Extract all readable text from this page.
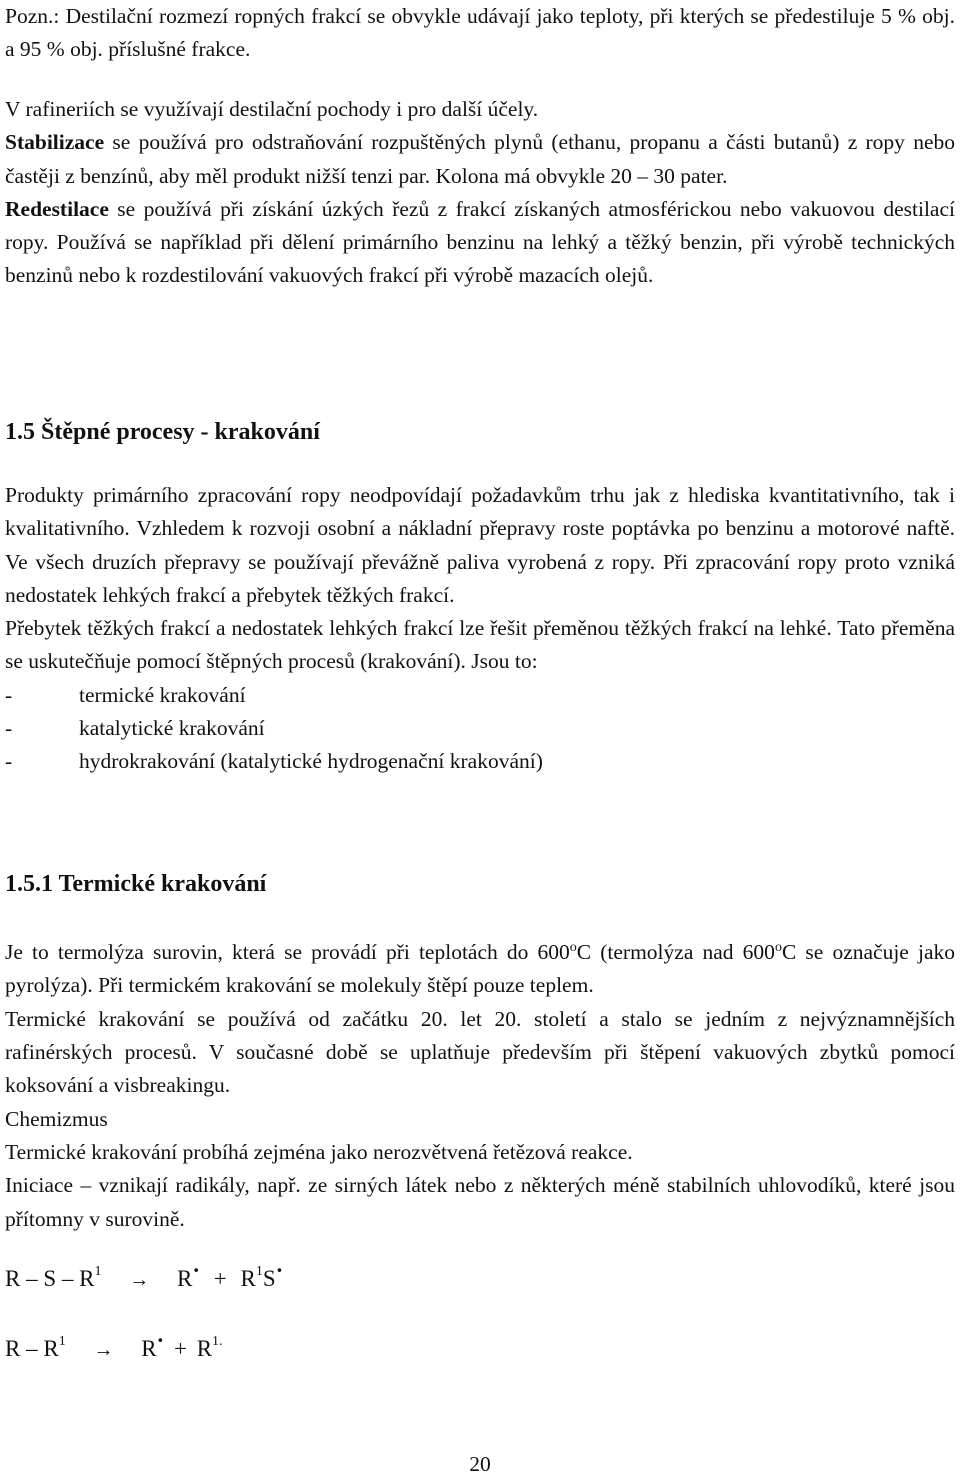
Pozn.: Destilační rozmezí ropných frakcí se obvykle udávají jako teploty, při kterých se předestiluje 5 % obj. a 95 % obj. příslušné frakce.

V rafineriích se využívají destilační pochody i pro další účely.

Stabilizace se používá pro odstraňování rozpuštěných plynů (ethanu, propanu a části butanů) z ropy nebo častěji z benzínů, aby měl produkt nižší tenzi par. Kolona má obvykle 20 – 30 pater.

Redestilace se používá při získání úzkých řezů z frakcí získaných atmosférickou nebo vakuovou destilací ropy. Používá se například při dělení primárního benzinu na lehký a těžký benzin, při výrobě technických benzinů nebo k rozdestilování vakuových frakcí při výrobě mazacích olejů.

1.5 Štěpné procesy - krakování

Produkty primárního zpracování ropy neodpovídají požadavkům trhu jak z hlediska kvantitativního, tak i kvalitativního. Vzhledem k rozvoji osobní a nákladní přepravy roste poptávka po benzinu a motorové naftě. Ve všech druzích přepravy se používají převážně paliva vyrobená z ropy. Při zpracování ropy proto vzniká nedostatek lehkých frakcí a přebytek těžkých frakcí.

Přebytek těžkých frakcí a nedostatek lehkých frakcí lze řešit přeměnou těžkých frakcí na lehké. Tato přeměna se uskutečňuje pomocí štěpných procesů (krakování). Jsou to:

-	termické krakování
-	katalytické krakování
-	hydrokrakování (katalytické hydrogenační krakování)
1.5.1 Termické krakování

Je to termolýza surovin, která se provádí při teplotách do 600$^o$C (termolýza nad 600$^o$C se označuje jako pyrolýza). Při termickém krakování se molekuly štěpí pouze teplem.

Termické krakování se používá od začátku 20. let 20. století a stalo se jedním z nejvýznamnějších rafinérských procesů. V současné době se uplatňuje především při štěpení vakuových zbytků pomocí koksování a visbreakingu.

Chemizmus

Termické krakování probíhá zejména jako nerozvětvená řetězová reakce.

Iniciace – vznikají radikály, např. ze sirných látek nebo z některých méně stabilních uhlovodíků, které jsou přítomny v surovině.

$R - S - R^1 \to R\cdot + R^1S\cdot$
$R - R^1 \to R\cdot + R^{1.}$
20
